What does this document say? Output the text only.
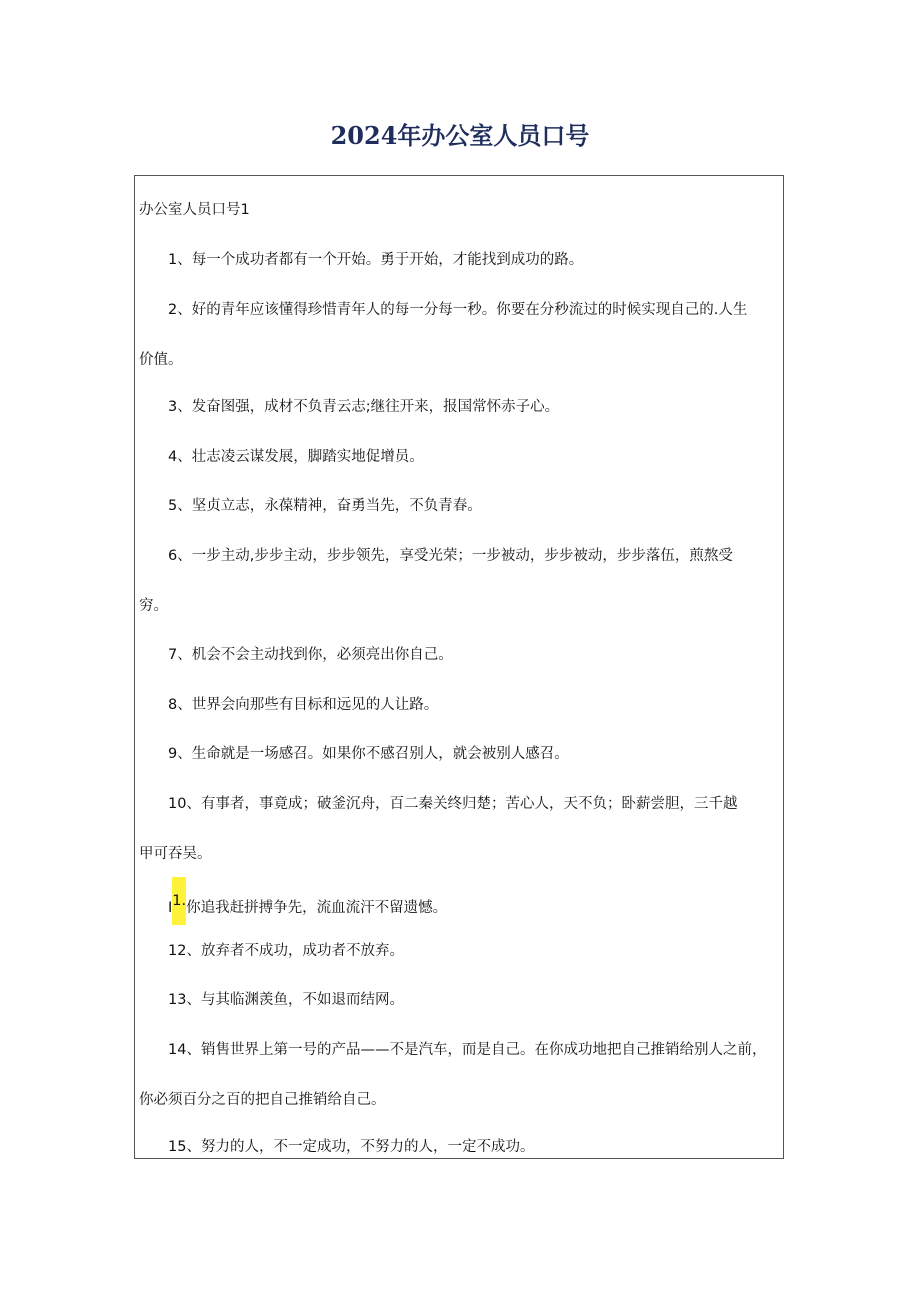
2024年办公室人员口号
办公室人员口号1
1、每一个成功者都有一个开始。勇于开始，才能找到成功的路。
2、好的青年应该懂得珍惜青年人的每一分每一秒。你要在分秒流过的时候实现自己的.人生
价值。
3、发奋图强，成材不负青云志;继往开来，报国常怀赤子心。
4、壮志凌云谋发展，脚踏实地促增员。
5、坚贞立志，永葆精神，奋勇当先，不负青春。
6、一步主动,步步主动，步步领先，享受光荣；一步被动，步步被动，步步落伍，煎熬受
穷。
7、机会不会主动找到你，必须亮出你自己。
8、世界会向那些有目标和远见的人让路。
9、生命就是一场感召。如果你不感召别人，就会被别人感召。
10、有事者，事竟成；破釜沉舟，百二秦关终归楚；苦心人，天不负；卧薪尝胆，三千越
甲可吞吴。
I1.你追我赶拼搏争先，流血流汗不留遗憾。
12、放弃者不成功，成功者不放弃。
13、与其临渊羡鱼，不如退而结网。
14、销售世界上第一号的产品——不是汽车，而是自己。在你成功地把自己推销给别人之前，
你必须百分之百的把自己推销给自己。
15、努力的人，不一定成功，不努力的人，一定不成功。
